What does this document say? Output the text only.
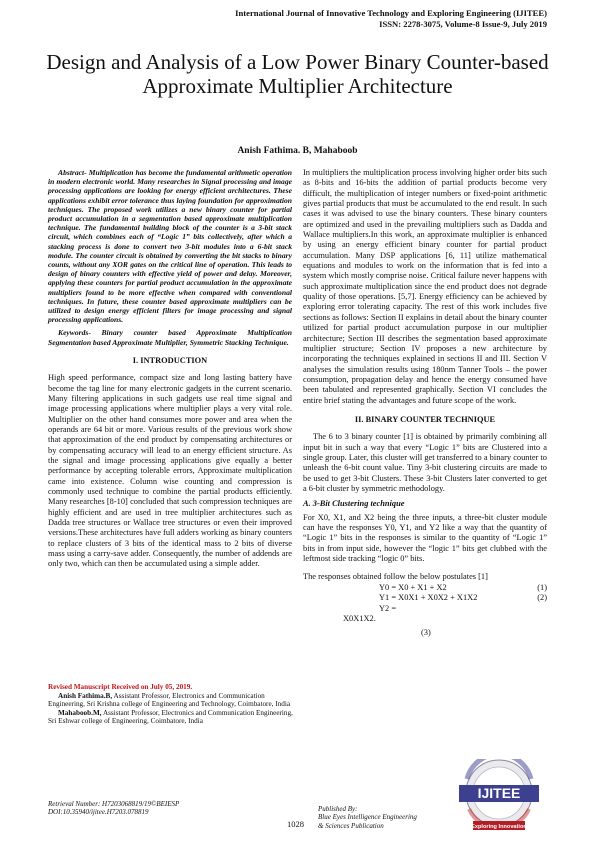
International Journal of Innovative Technology and Exploring Engineering (IJITEE)
ISSN: 2278-3075, Volume-8 Issue-9, July 2019
Design and Analysis of a Low Power Binary Counter-based Approximate Multiplier Architecture
Anish Fathima. B, Mahaboob

Abstract- Multiplication has become the fundamental arithmetic operation in modern electronic world. Many researches in Signal processing and image processing applications are looking for energy efficient architectures. These applications exhibit error tolerance thus laying foundation for approximation techniques. The proposed work utilizes a new binary counter for partial product accumulation in a segmentation based approximate multiplication technique. The fundamental building block of the counter is a 3-bit stack circuit, which combines each of “Logic 1” bits collectively, after which a stacking process is done to convert two 3-bit modules into a 6-bit stack module. The counter circuit is obtained by converting the bit stacks to binary counts, without any XOR gates on the critical line of operation. This leads to design of binary counters with effective yield of power and delay. Moreover, applying these counters for partial product accumulation in the approximate multipliers found to be more effective when compared with conventional techniques. In future, these counter based approximate multipliers can be utilized to design energy efficient filters for image processing and signal processing applications.

Keywords- Binary counter based Approximate Multiplication Segmentation based Approximate Multiplier, Symmetric Stacking Technique.

I. INTRODUCTION

High speed performance, compact size and long lasting battery have become the tag line for many electronic gadgets in the current scenario. Many filtering applications in such gadgets use real time signal and image processing applications where multiplier plays a very vital role. Multiplier on the other hand consumes more power and area when the operands are 64 bit or more. Various results of the previous work show that approximation of the end product by compensating architectures or by compensating accuracy will lead to an energy efficient structure. As the signal and image processing applications give equally a better performance by accepting tolerable errors, Approximate multiplication came into existence. Column wise counting and compression is commonly used technique to combine the partial products efficiently. Many researches [8-10] concluded that such compression techniques are highly efficient and are used in tree multiplier architectures such as Dadda tree structures or Wallace tree structures or even their improved versions.These architectures have full adders working as binary counters to replace clusters of 3 bits of the identical mass to 2 bits of diverse mass using a carry-save adder. Consequently, the number of addends are only two, which can then be accumulated using a simple adder.

In multipliers the multiplication process involving higher order bits such as 8-bits and 16-bits the addition of partial products become very difficult, the multiplication of integer numbers or fixed-point arithmetic gives partial products that must be accumulated to the end result. In such cases it was advised to use the binary counters. These binary counters are optimized and used in the prevailing multipliers such as Dadda and Wallace multipliers.In this work, an approximate multiplier is enhanced by using an energy efficient binary counter for partial product accumulation. Many DSP applications [6, 11] utilize mathematical equations and modules to work on the information that is fed into a system which mostly comprise noise. Critical failure never happens with such approximate multiplication since the end product does not degrade quality of those operations. [5,7]. Energy efficiency can be achieved by exploring error tolerating capacity. The rest of this work includes five sections as follows: Section II explains in detail about the binary counter utilized for partial product accumulation purpose in our multiplier architecture; Section III describes the segmentation based approximate multiplier structure; Section IV proposes a new architecture by incorporating the techniques explained in sections II and III. Section V analyses the simulation results using 180nm Tanner Tools – the power consumption, propagation delay and hence the energy consumed have been tabulated and represented graphically. Section VI concludes the entire brief stating the advantages and future scope of the work.

II. BINARY COUNTER TECHNIQUE

The 6 to 3 binary counter [1] is obtained by primarily combining all input bit in such a way that every “Logic 1” bits are Clustered into a single group. Later, this cluster will get transferred to a binary counter to unleash the 6-bit count value. Tiny 3-bit clustering circuits are made to be used to get 3-bit Clusters. These 3-bit Clusters later converted to get a 6-bit cluster by symmetric methodology.

A. 3-Bit Clustering technique

For X0, X1, and X2 being the three inputs, a three-bit cluster module can have the responses Y0, Y1, and Y2 like a way that the quantity of “Logic 1” bits in the responses is similar to the quantity of “Logic 1” bits in from input side, however the “logic 1” bits get clubbed with the leftmost side tracking “logic 0” bits.

The responses obtained follow the below postulates [1]

Y0 = X0 + X1 + X2	(1)
Y1 = X0X1 + X0X2 + X1X2	(2)
Y2 =
X0X1X2.
(3)

Revised Manuscript Received on July 05, 2019.

Anish Fathima.B, Assistant Professor, Electronics and Communication Engineering, Sri Krishna college of Engineering and Technology, Coimbatore, India

Mahaboob.M, Assistant Professor, Electronics and Communication Engineering, Sri Eshwar college of Engineering, Coimbatore, India

Retrieval Number: H7203068819/19©BEIESP
DOI:10.35940/ijitee.H7203.078819
1028
Published By:
Blue Eyes Intelligence Engineering
& Sciences Publication
IJITEE
Exploring Innovation
